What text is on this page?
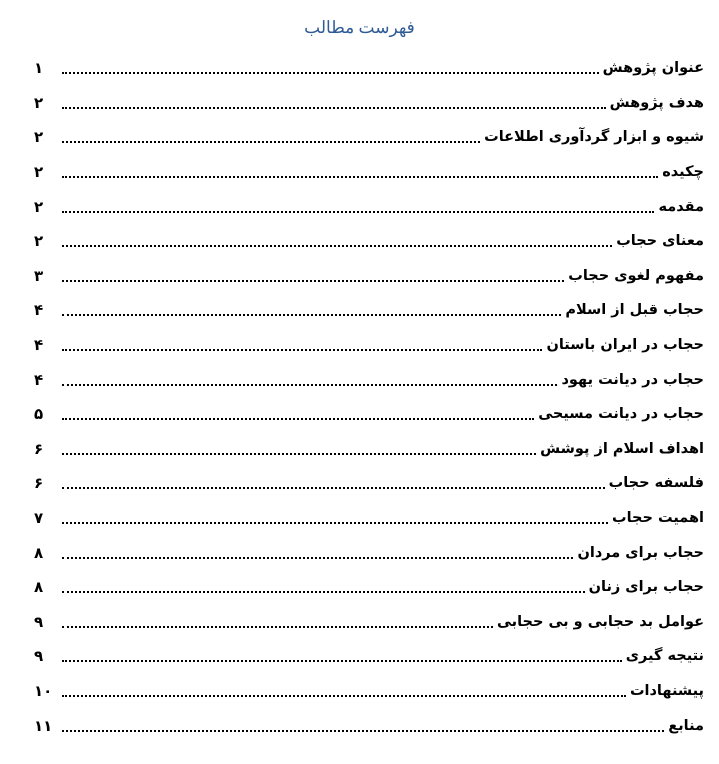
فهرست مطالب
عنوان پژوهش
۱
هدف پژوهش
۲
شیوه و ابزار گردآوری اطلاعات
۲
چکیده
۲
مقدمه
۲
معنای حجاب
۲
مفهوم لغوی حجاب
۳
حجاب قبل از اسلام
۴
حجاب در ایران باستان
۴
حجاب در دیانت یهود
۴
حجاب در دیانت مسیحی
۵
اهداف اسلام از پوشش
۶
فلسفه حجاب
۶
اهمیت حجاب
۷
حجاب برای مردان
۸
حجاب برای زنان
۸
عوامل بد حجابی و بی حجابی
۹
نتیجه گیری
۹
پیشنهادات
۱۰
منابع
۱۱
